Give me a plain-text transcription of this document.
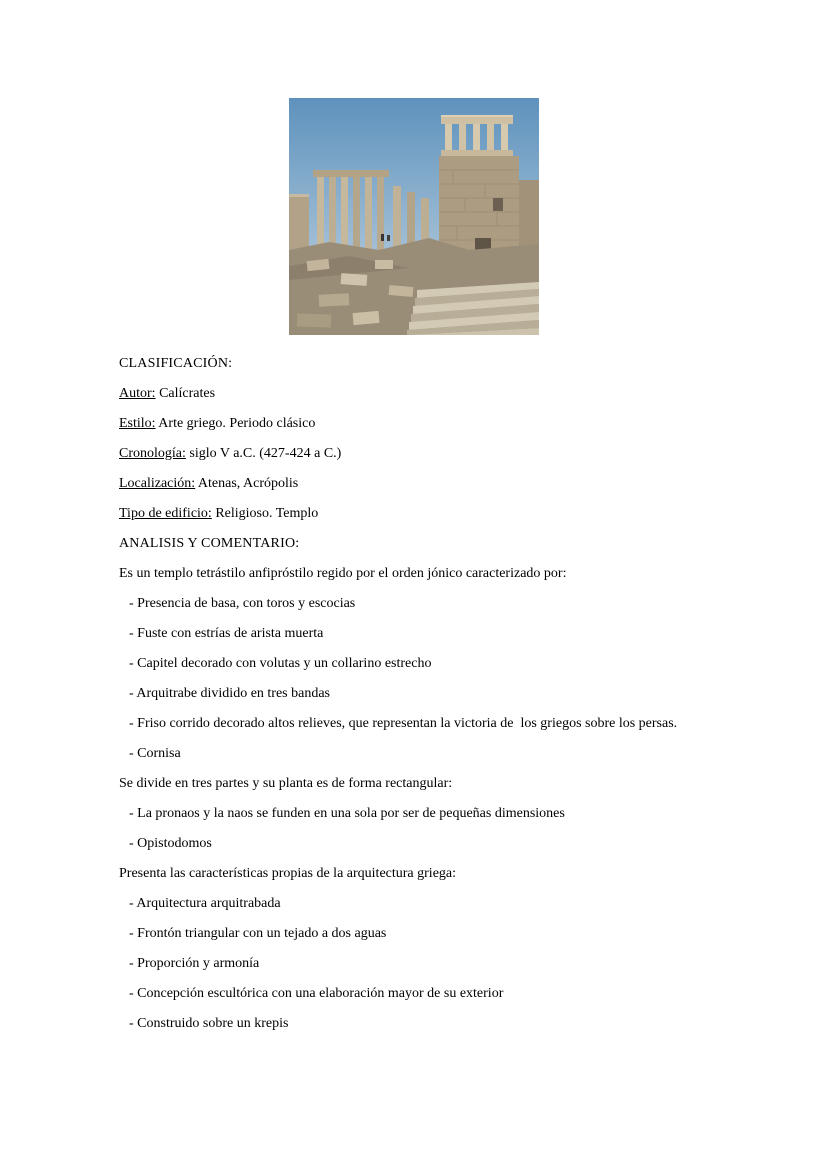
CLASIFICACIÓN:

Autor: Calícrates

Estilo: Arte griego. Periodo clásico

Cronología: siglo V a.C. (427-424 a C.)

Localización: Atenas, Acrópolis

Tipo de edificio: Religioso. Templo

ANALISIS Y COMENTARIO:

Es un templo tetrástilo anfipróstilo regido por el orden jónico caracterizado por:

- Presencia de basa, con toros y escocias

- Fuste con estrías de arista muerta

- Capitel decorado con volutas y un collarino estrecho

- Arquitrabe dividido en tres bandas

- Friso corrido decorado altos relieves, que representan la victoria de  los griegos sobre los persas.

- Cornisa

Se divide en tres partes y su planta es de forma rectangular:

- La pronaos y la naos se funden en una sola por ser de pequeñas dimensiones

- Opistodomos

Presenta las características propias de la arquitectura griega:

- Arquitectura arquitrabada

- Frontón triangular con un tejado a dos aguas

- Proporción y armonía

- Concepción escultórica con una elaboración mayor de su exterior

- Construido sobre un krepis
